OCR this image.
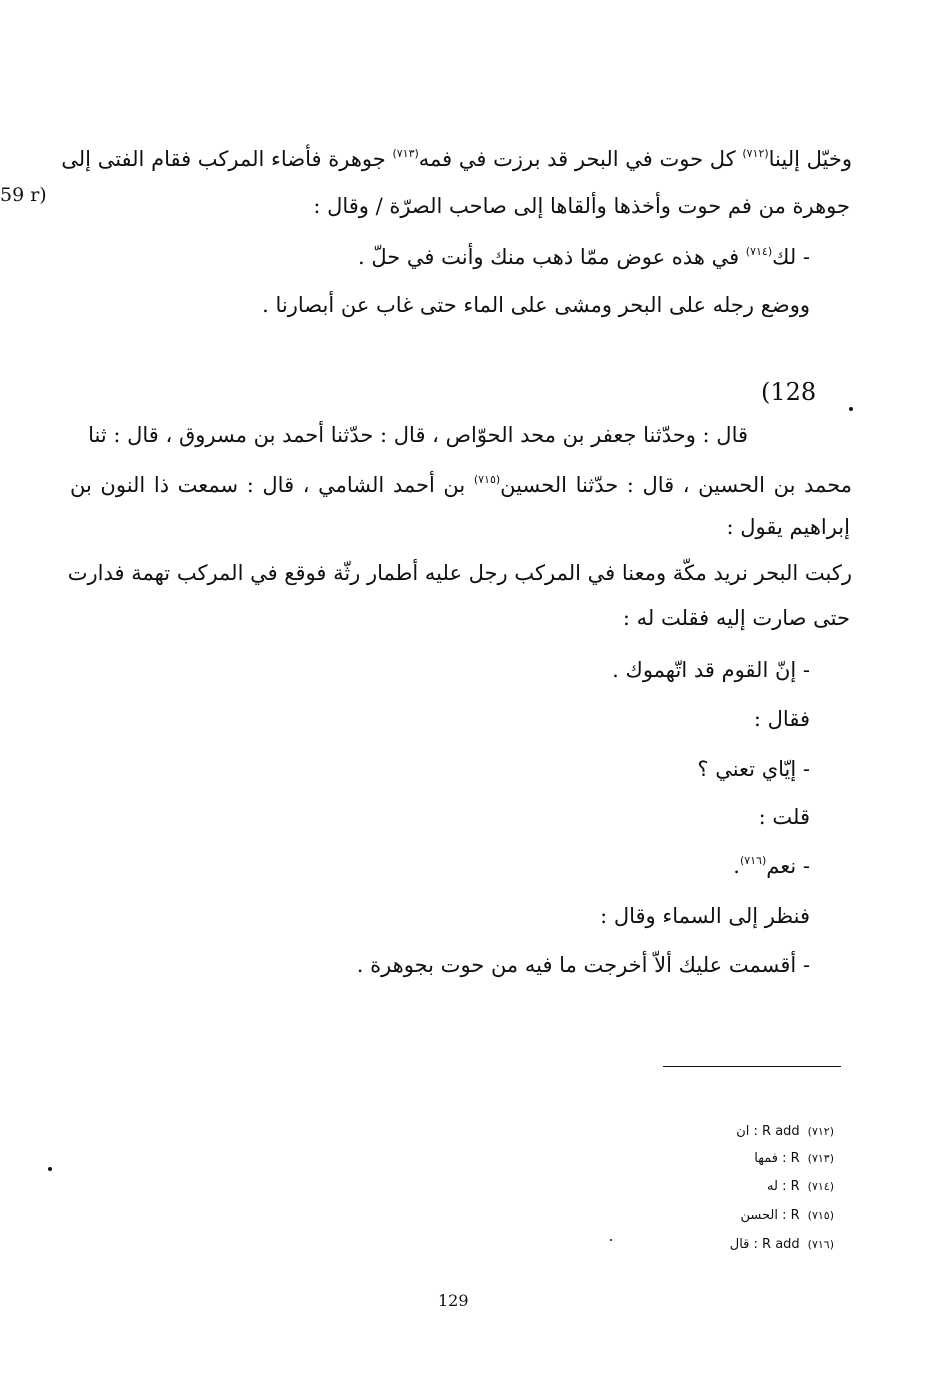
59 r)
وخيّل إلينا$^{(٧١٢)}$ كل حوت في البحر قد برزت في فمه$^{(٧١٣)}$ جوهرة فأضاء المركب فقام الفتى إلى
جوهرة من فم حوت وأخذها وألقاها إلى صاحب الصرّة / وقال :
- لك$^{(٧١٤)}$ في هذه عوض ممّا ذهب منك وأنت في حلّ .
ووضع رجله على البحر ومشى على الماء حتى غاب عن أبصارنا .
(128
قال : وحدّثنا جعفر بن محد الحوّاص ، قال : حدّثنا أحمد بن مسروق ، قال : ثنا
محمد بن الحسين ، قال : حدّثنا الحسين$^{(٧١٥)}$ بن أحمد الشامي ، قال : سمعت ذا النون بن
إبراهيم يقول :
ركبت البحر نريد مكّة ومعنا في المركب رجل عليه أطمار رثّة فوقع في المركب تهمة فدارت
حتى صارت إليه فقلت له :
- إنّ القوم قد اتّهموك .
فقال :
- إيّاي تعني ؟
قلت :
- نعم$^{(٧١٦)}$.
فنظر إلى السماء وقال :
- أقسمت عليك ألاّ أخرجت ما فيه من حوت بجوهرة .
R add : ان (٧١٢)
R : فمها (٧١٣)
R : له (٧١٤)
R : الحسن (٧١٥)
R add : قال (٧١٦)
129
